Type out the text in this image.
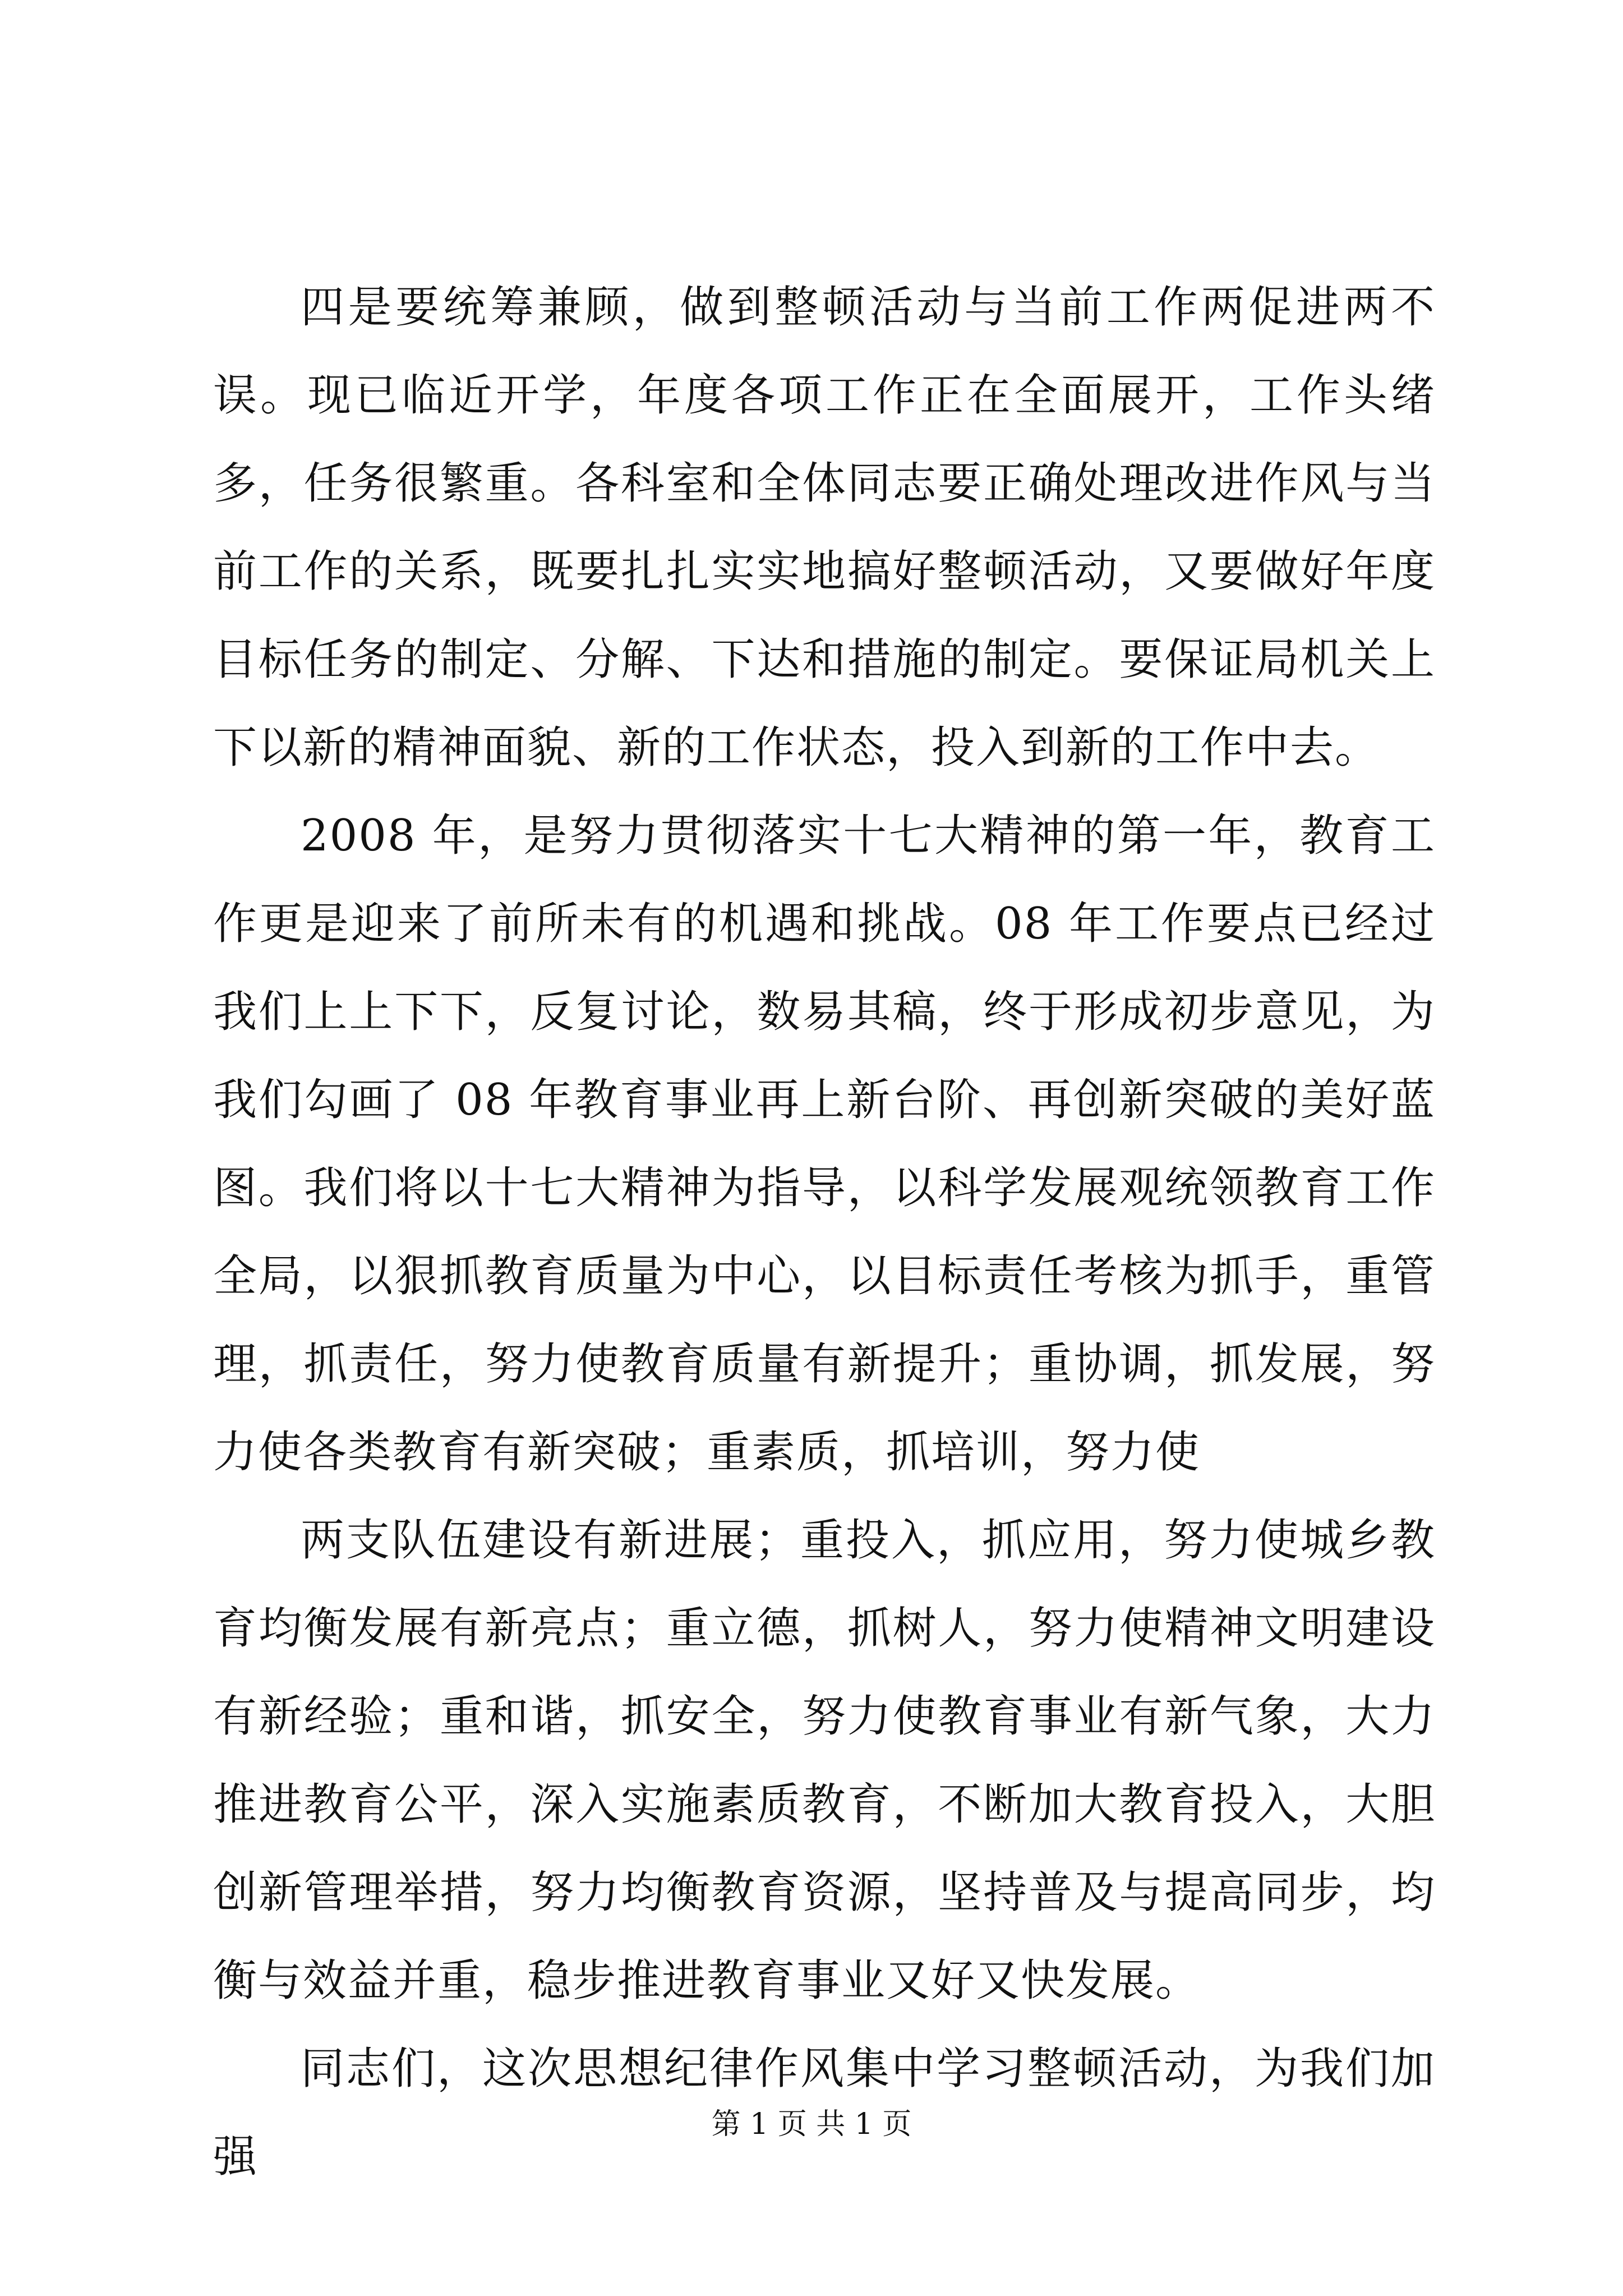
四是要统筹兼顾，做到整顿活动与当前工作两促进两不误。现已临近开学，年度各项工作正在全面展开，工作头绪多，任务很繁重。各科室和全体同志要正确处理改进作风与当前工作的关系，既要扎扎实实地搞好整顿活动，又要做好年度目标任务的制定、分解、下达和措施的制定。要保证局机关上下以新的精神面貌、新的工作状态，投入到新的工作中去。

2008 年，是努力贯彻落实十七大精神的第一年，教育工作更是迎来了前所未有的机遇和挑战。08 年工作要点已经过我们上上下下，反复讨论，数易其稿，终于形成初步意见，为我们勾画了 08 年教育事业再上新台阶、再创新突破的美好蓝图。我们将以十七大精神为指导，以科学发展观统领教育工作全局，以狠抓教育质量为中心，以目标责任考核为抓手，重管理，抓责任，努力使教育质量有新提升；重协调，抓发展，努力使各类教育有新突破；重素质，抓培训，努力使

两支队伍建设有新进展；重投入，抓应用，努力使城乡教育均衡发展有新亮点；重立德，抓树人，努力使精神文明建设有新经验；重和谐，抓安全，努力使教育事业有新气象，大力推进教育公平，深入实施素质教育，不断加大教育投入，大胆创新管理举措，努力均衡教育资源，坚持普及与提高同步，均衡与效益并重，稳步推进教育事业又好又快发展。

同志们，这次思想纪律作风集中学习整顿活动，为我们加强

第 1 页 共 1 页
